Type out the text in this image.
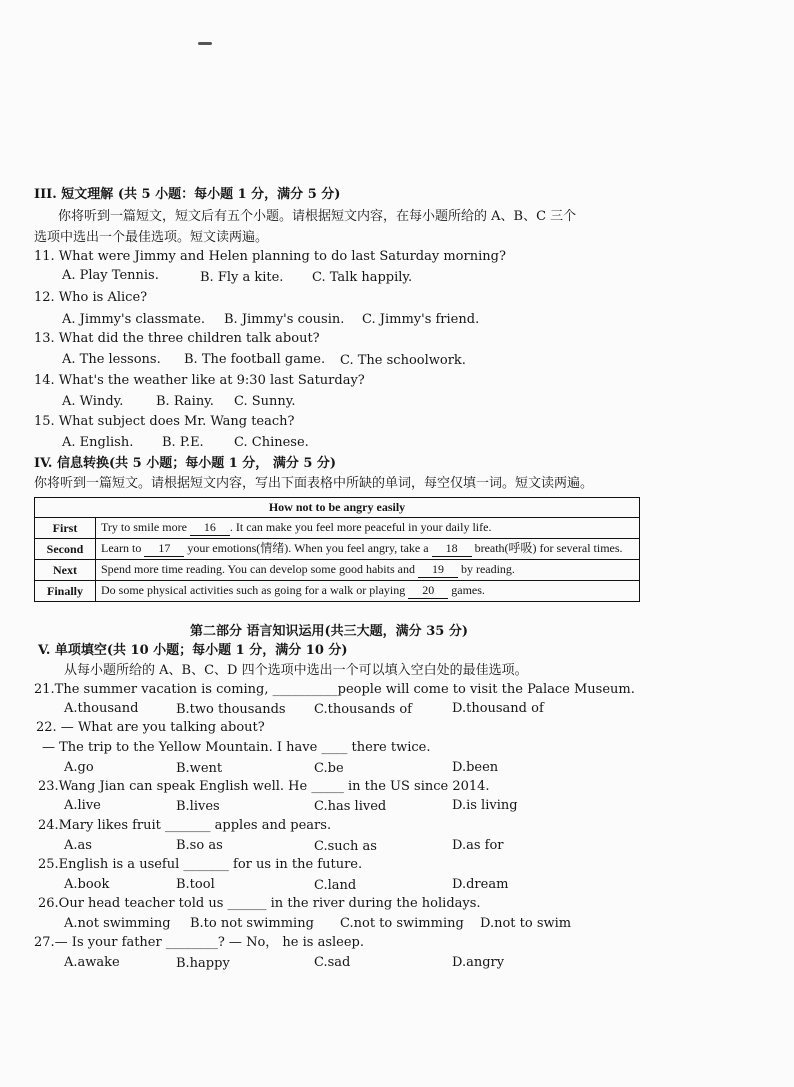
III. 短文理解 (共 5 小题：每小题 1 分，满分 5 分)
你将听到一篇短文，短文后有五个小题。请根据短文内容，在每小题所给的 A、B、C 三个
选项中选出一个最佳选项。短文读两遍。
11. What were Jimmy and Helen planning to do last Saturday morning?
A. Play Tennis.	B. Fly a kite. C. Talk happily.
12. Who is Alice?
A. Jimmy's classmate. B. Jimmy's cousin. C. Jimmy's friend.
13. What did the three children talk about?
A. The lessons. B. The football game. C. The schoolwork.
14. What's the weather like at 9:30 last Saturday?
A. Windy.	B. Rainy. C. Sunny.
15. What subject does Mr. Wang teach?
A. English. B. P.E. C. Chinese.
IV. 信息转换(共 5 小题；每小题 1 分， 满分 5 分)
你将听到一篇短文。请根据短文内容，写出下面表格中所缺的单词，每空仅填一词。短文读两遍。
How not to be angry easily	
First	Try to smile more 16 . It can make you feel more peaceful in your daily life.
Second	Learn to 17 your emotions(情绪). When you feel angry, take a 18 breath(呼吸) for several times.
Next	Spend more time reading. You can develop some good habits and 19 by reading.
Finally	Do some physical activities such as going for a walk or playing 20 games.
第二部分 语言知识运用(共三大题，满分 35 分)
V. 单项填空(共 10 小题；每小题 1 分，满分 10 分)
从每小题所给的 A、B、C、D 四个选项中选出一个可以填入空白处的最佳选项。
21.The summer vacation is coming, __________people will come to visit the Palace Museum.
A.thousand	B.two thousands C.thousands of	D.thousand of
22. — What are you talking about?
— The trip to the Yellow Mountain. I have ____ there twice.
A.go	B.went	C.be	D.been
23.Wang Jian can speak English well. He _____ in the US since 2014.
A.live	B.lives	C.has lived	D.is living
24.Mary likes fruit _______ apples and pears.
A.as	B.so as	C.such as	D.as for
25.English is a useful _______ for us in the future.
A.book	B.tool	C.land	D.dream
26.Our head teacher told us ______ in the river during the holidays.
A.not swimming B.to not swimming C.not to swimming D.not to swim
27.— Is your father ________? — No， he is asleep.
A.awake	B.happy	C.sad	D.angry
